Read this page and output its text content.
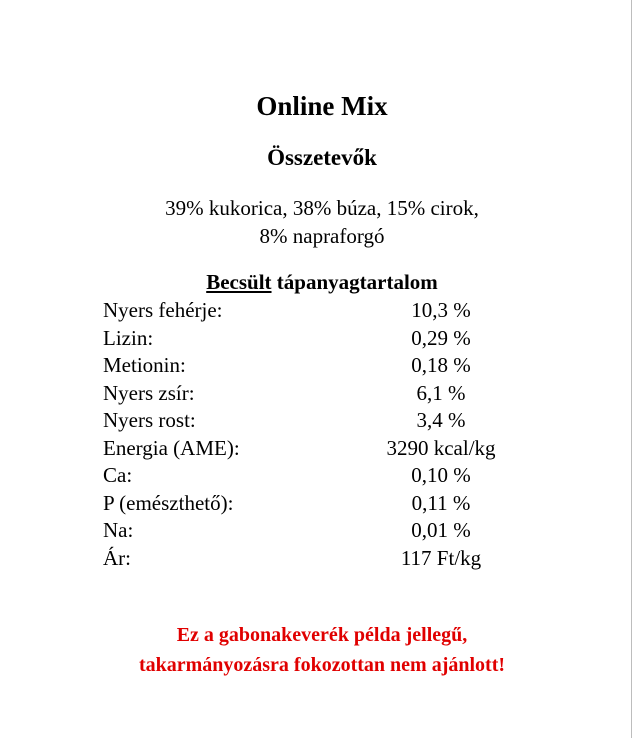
Online Mix
Összetevők

39% kukorica, 38% búza, 15% cirok,
8% napraforgó

Becsült tápanyagtartalom
Nyers fehérje:	10,3 %
Lizin:	0,29 %
Metionin:	0,18 %
Nyers zsír:	6,1 %
Nyers rost:	3,4 %
Energia (AME):	3290 kcal/kg
Ca:	0,10 %
P (emészthető):	0,11 %
Na:	0,01 %
Ár:	117 Ft/kg

Ez a gabonakeverék példa jellegű,
takarmányozásra fokozottan nem ajánlott!
